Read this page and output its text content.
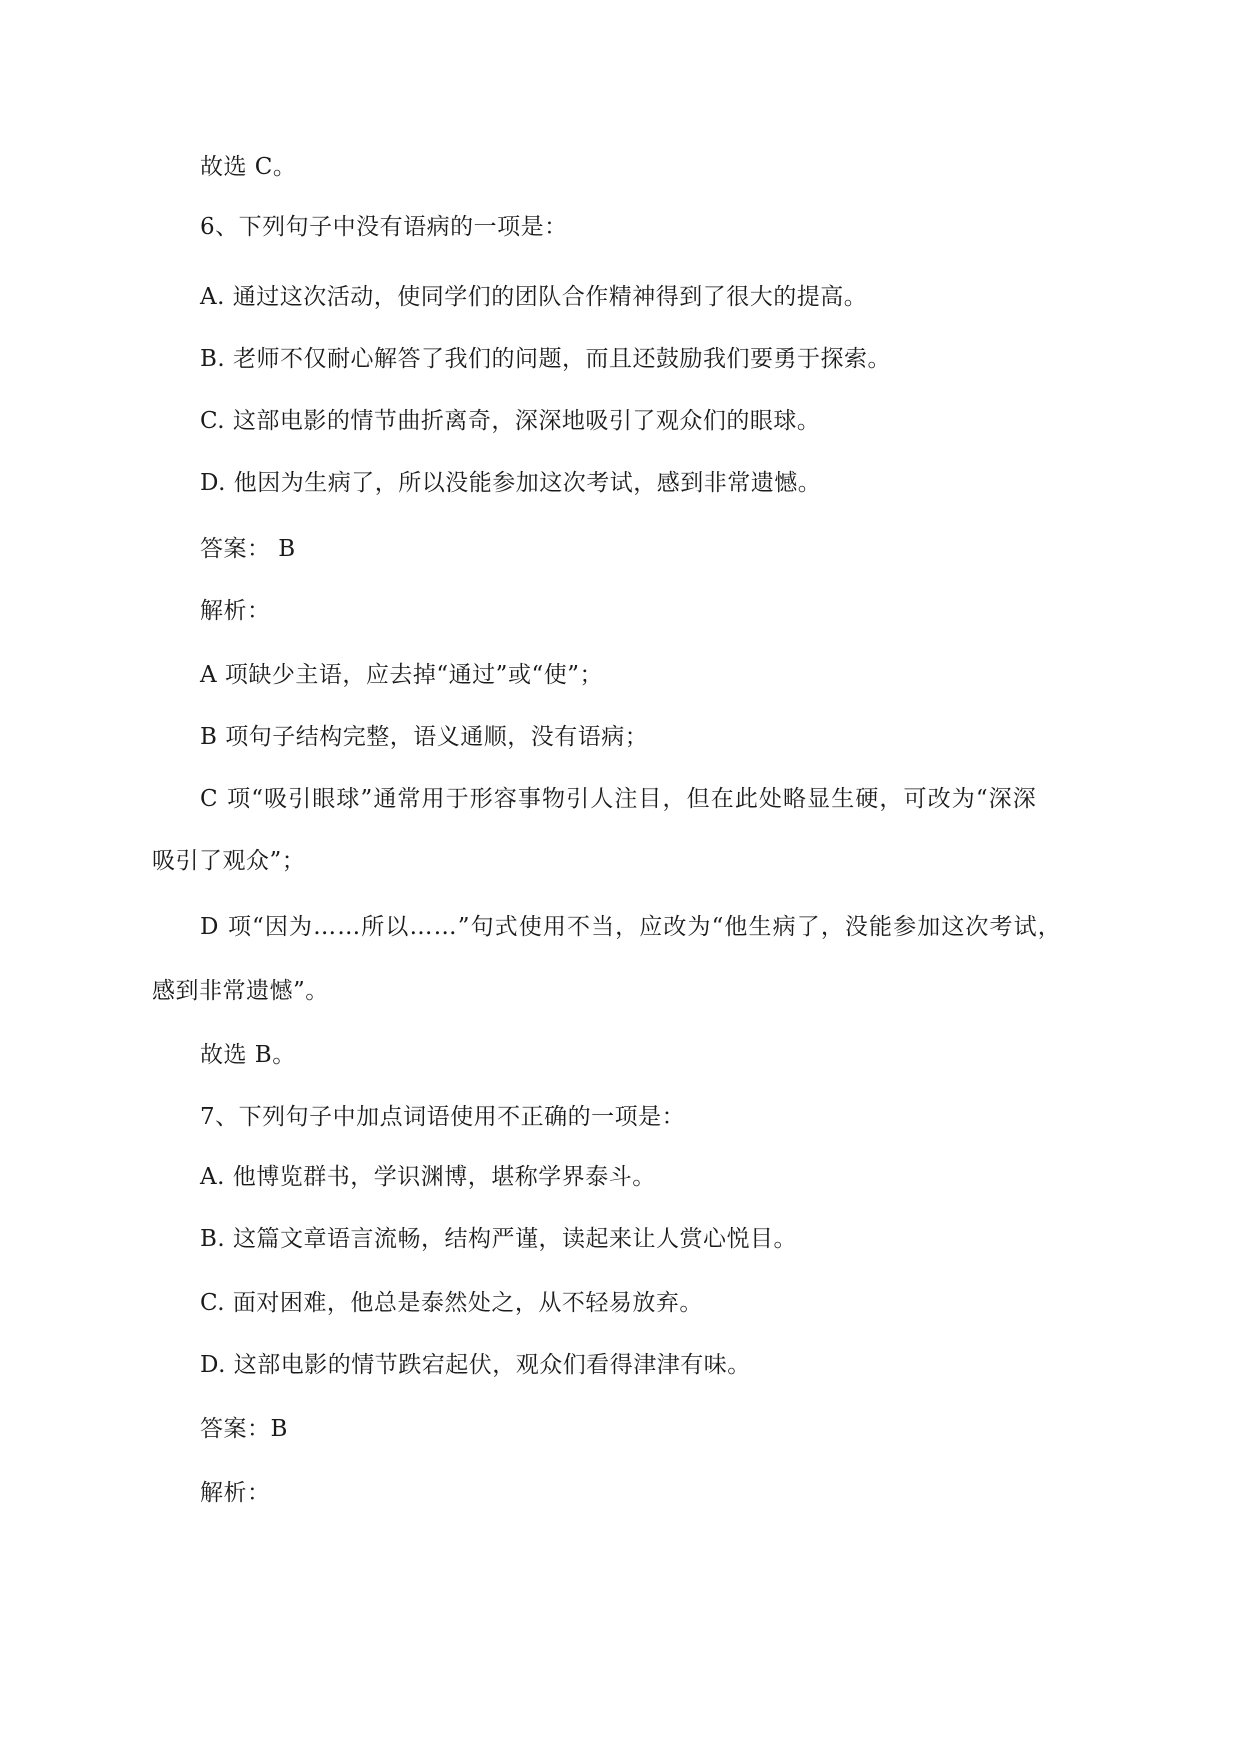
故选 C。
6、下列句子中没有语病的一项是：
A. 通过这次活动，使同学们的团队合作精神得到了很大的提高。
B. 老师不仅耐心解答了我们的问题，而且还鼓励我们要勇于探索。
C. 这部电影的情节曲折离奇，深深地吸引了观众们的眼球。
D. 他因为生病了，所以没能参加这次考试，感到非常遗憾。
答案： B
解析：
A 项缺少主语，应去掉“通过”或“使”；
B 项句子结构完整，语义通顺，没有语病；
C 项“吸引眼球”通常用于形容事物引人注目，但在此处略显生硬，可改为“深深
吸引了观众”；
D 项“因为……所以……”句式使用不当，应改为“他生病了，没能参加这次考试，
感到非常遗憾”。
故选 B。
7、下列句子中加点词语使用不正确的一项是：
A. 他博览群书，学识渊博，堪称学界泰斗。
B. 这篇文章语言流畅，结构严谨，读起来让人赏心悦目。
C. 面对困难，他总是泰然处之，从不轻易放弃。
D. 这部电影的情节跌宕起伏，观众们看得津津有味。
答案：B
解析：
